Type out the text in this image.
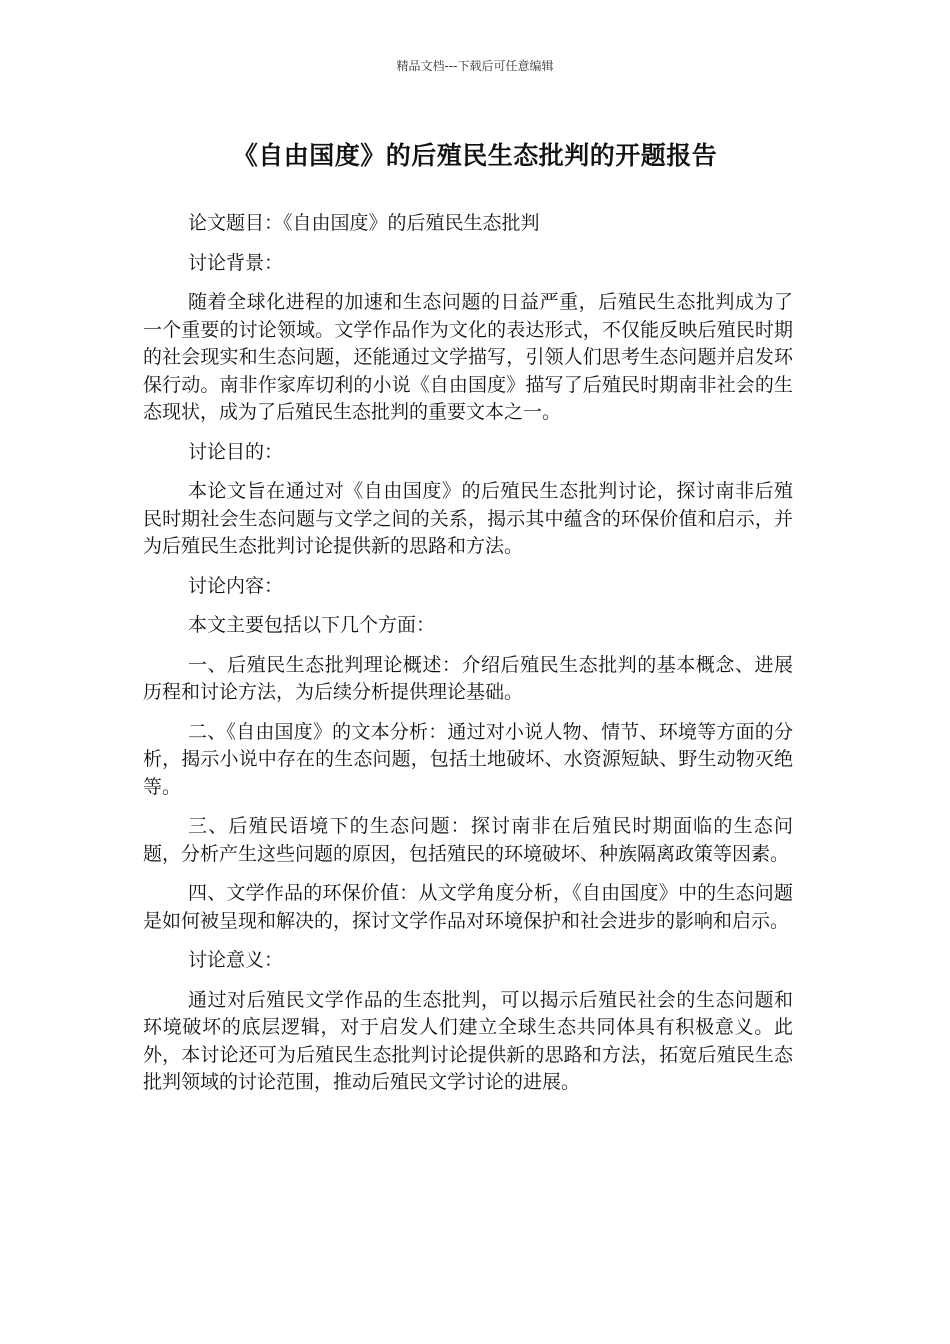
精品文档---下载后可任意编辑
《自由国度》的后殖民生态批判的开题报告

论文题目：《自由国度》的后殖民生态批判

讨论背景：

随着全球化进程的加速和生态问题的日益严重，后殖民生态批判成为了一个重要的讨论领域。文学作品作为文化的表达形式，不仅能反映后殖民时期的社会现实和生态问题，还能通过文学描写，引领人们思考生态问题并启发环保行动。南非作家库切利的小说《自由国度》描写了后殖民时期南非社会的生态现状，成为了后殖民生态批判的重要文本之一。

讨论目的：

本论文旨在通过对《自由国度》的后殖民生态批判讨论，探讨南非后殖民时期社会生态问题与文学之间的关系，揭示其中蕴含的环保价值和启示，并为后殖民生态批判讨论提供新的思路和方法。

讨论内容：

本文主要包括以下几个方面：

一、后殖民生态批判理论概述：介绍后殖民生态批判的基本概念、进展历程和讨论方法，为后续分析提供理论基础。

二、《自由国度》的文本分析：通过对小说人物、情节、环境等方面的分析，揭示小说中存在的生态问题，包括土地破坏、水资源短缺、野生动物灭绝等。

三、后殖民语境下的生态问题：探讨南非在后殖民时期面临的生态问题，分析产生这些问题的原因，包括殖民的环境破坏、种族隔离政策等因素。

四、文学作品的环保价值：从文学角度分析，《自由国度》中的生态问题是如何被呈现和解决的，探讨文学作品对环境保护和社会进步的影响和启示。

讨论意义：

通过对后殖民文学作品的生态批判，可以揭示后殖民社会的生态问题和环境破坏的底层逻辑，对于启发人们建立全球生态共同体具有积极意义。此外，本讨论还可为后殖民生态批判讨论提供新的思路和方法，拓宽后殖民生态批判领域的讨论范围，推动后殖民文学讨论的进展。
